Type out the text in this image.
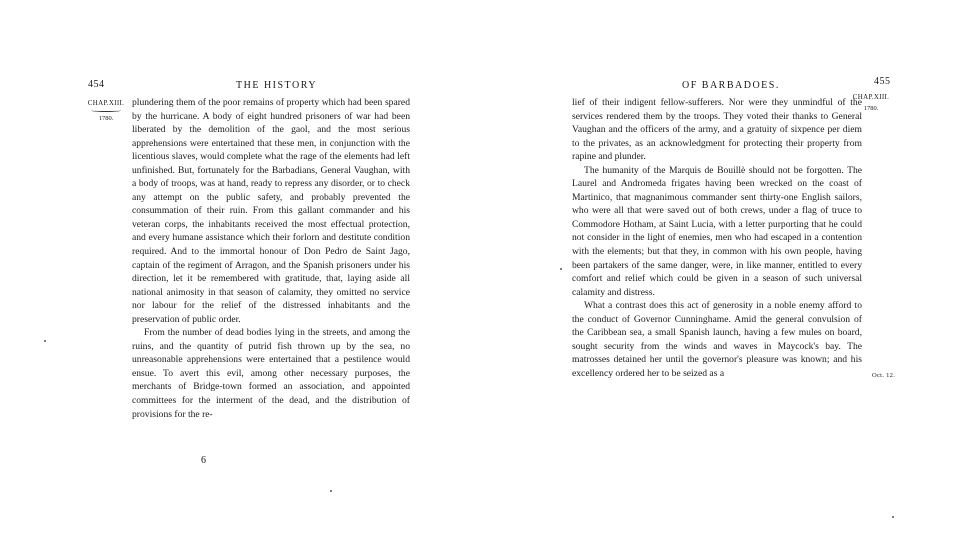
454	THE HISTORY
CHAP.XIII.
1780.

plundering them of the poor remains of property which had been spared by the hurricane. A body of eight hundred prisoners of war had been liberated by the demolition of the gaol, and the most serious apprehensions were entertained that these men, in conjunction with the licentious slaves, would complete what the rage of the elements had left unfinished. But, fortunately for the Barbadians, General Vaughan, with a body of troops, was at hand, ready to repress any disorder, or to check any attempt on the public safety, and probably prevented the consummation of their ruin. From this gallant commander and his veteran corps, the inhabitants received the most effectual protection, and every humane assistance which their forlorn and destitute condition required. And to the immortal honour of Don Pedro de Saint Jago, captain of the regiment of Arragon, and the Spanish prisoners under his direction, let it be remembered with gratitude, that, laying aside all national animosity in that season of calamity, they omitted no service nor labour for the relief of the distressed inhabitants and the preservation of public order.

From the number of dead bodies lying in the streets, and among the ruins, and the quantity of putrid fish thrown up by the sea, no unreasonable apprehensions were entertained that a pestilence would ensue. To avert this evil, among other necessary purposes, the merchants of Bridge-town formed an association, and appointed committees for the interment of the dead, and the distribution of provisions for the re-

6
OF BARBADOES.	455
CHAP.XIII.
1780.

lief of their indigent fellow-sufferers. Nor were they unmindful of the services rendered them by the troops. They voted their thanks to General Vaughan and the officers of the army, and a gratuity of sixpence per diem to the privates, as an acknowledgment for protecting their property from rapine and plunder.

The humanity of the Marquis de Bouillè should not be forgotten. The Laurel and Andromeda frigates having been wrecked on the coast of Martinico, that magnanimous commander sent thirty-one English sailors, who were all that were saved out of both crews, under a flag of truce to Commodore Hotham, at Saint Lucia, with a letter purporting that he could not consider in the light of enemies, men who had escaped in a contention with the elements; but that they, in common with his own people, having been partakers of the same danger, were, in like manner, entitled to every comfort and relief which could be given in a season of such universal calamity and distress.

What a contrast does this act of generosity in a noble enemy afford to the conduct of Governor Cunninghame. Amid the general convulsion of the Caribbean sea, a small Spanish launch, having a few mules on board, sought security from the winds and waves in Maycock's bay. The matrosses detained her until the governor's pleasure was known; and his excellency ordered her to be seized as a	Oct. 12.
